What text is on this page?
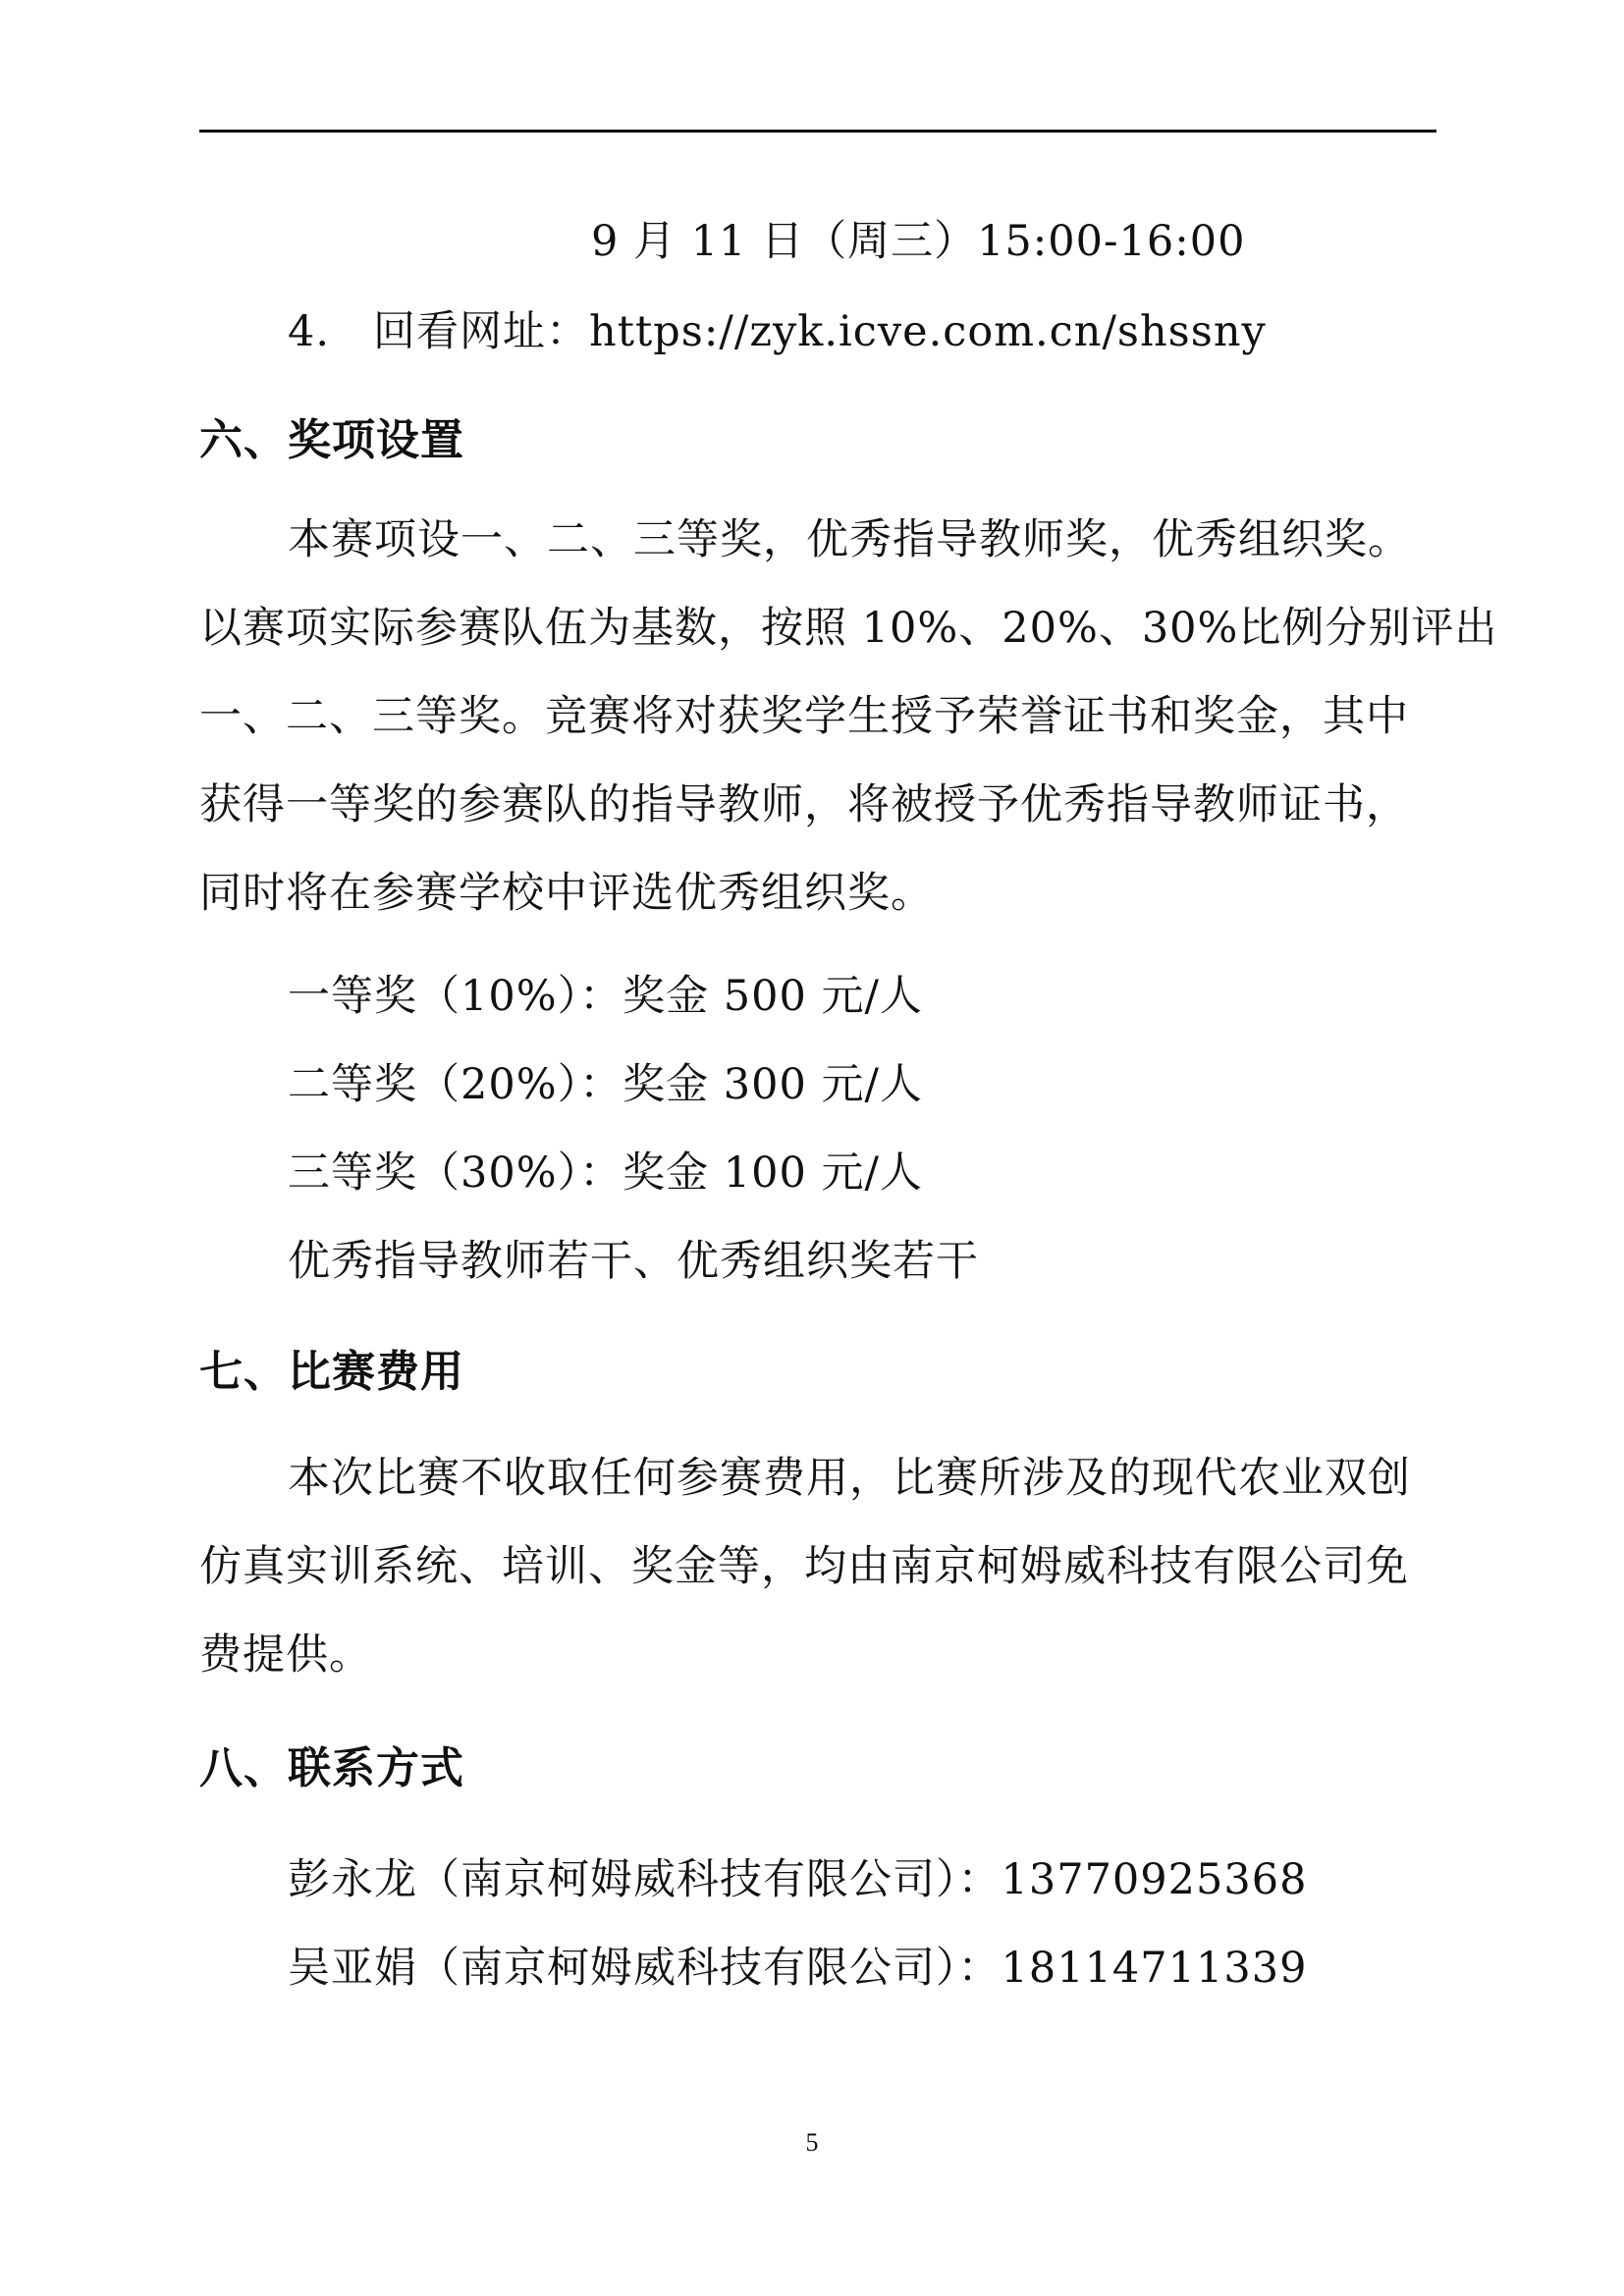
9 月 11 日（周三）15:00-16:00
4.　回看网址：https://zyk.icve.com.cn/shssny
六、奖项设置
本赛项设一、二、三等奖，优秀指导教师奖，优秀组织奖。
以赛项实际参赛队伍为基数，按照 10%、20%、30%比例分别评出
一、二、三等奖。竞赛将对获奖学生授予荣誉证书和奖金，其中
获得一等奖的参赛队的指导教师，将被授予优秀指导教师证书，
同时将在参赛学校中评选优秀组织奖。
一等奖（10%）：奖金 500 元/人
二等奖（20%）：奖金 300 元/人
三等奖（30%）：奖金 100 元/人
优秀指导教师若干、优秀组织奖若干
七、比赛费用
本次比赛不收取任何参赛费用，比赛所涉及的现代农业双创
仿真实训系统、培训、奖金等，均由南京柯姆威科技有限公司免
费提供。
八、联系方式
彭永龙（南京柯姆威科技有限公司）：13770925368
吴亚娟（南京柯姆威科技有限公司）：18114711339
5
